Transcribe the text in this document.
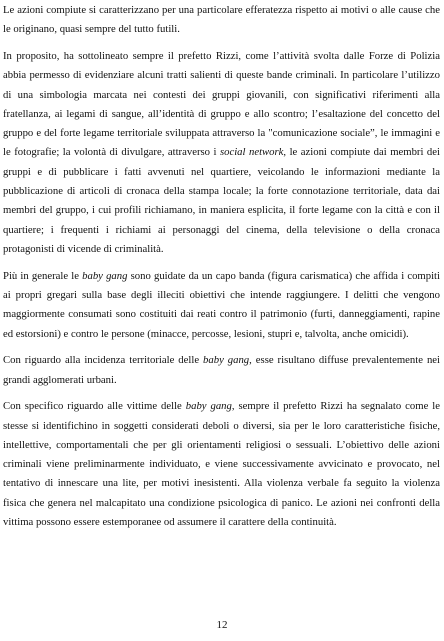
Le azioni compiute si caratterizzano per una particolare efferatezza rispetto ai motivi o alle cause che le originano, quasi sempre del tutto futili.

In proposito, ha sottolineato sempre il prefetto Rizzi, come l’attività svolta dalle Forze di Polizia abbia permesso di evidenziare alcuni tratti salienti di queste bande criminali. In particolare l’utilizzo di una simbologia marcata nei contesti dei gruppi giovanili, con significativi riferimenti alla fratellanza, ai legami di sangue, all’identità di gruppo e allo scontro; l’esaltazione del concetto del gruppo e del forte legame territoriale sviluppata attraverso la "comunicazione sociale”, le immagini e le fotografie; la volontà di divulgare, attraverso i social network, le azioni compiute dai membri dei gruppi e di pubblicare i fatti avvenuti nel quartiere, veicolando le informazioni mediante la pubblicazione di articoli di cronaca della stampa locale; la forte connotazione territoriale, data dai membri del gruppo, i cui profili richiamano, in maniera esplicita, il forte legame con la città e con il quartiere; i frequenti i richiami ai personaggi del cinema, della televisione o della cronaca protagonisti di vicende di criminalità.

Più in generale le baby gang sono guidate da un capo banda (figura carismatica) che affida i compiti ai propri gregari sulla base degli illeciti obiettivi che intende raggiungere. I delitti che vengono maggiormente consumati sono costituiti dai reati contro il patrimonio (furti, danneggiamenti, rapine ed estorsioni) e contro le persone (minacce, percosse, lesioni, stupri e, talvolta, anche omicidi).

Con riguardo alla incidenza territoriale delle baby gang, esse risultano diffuse prevalentemente nei grandi agglomerati urbani.

Con specifico riguardo alle vittime delle baby gang, sempre il prefetto Rizzi ha segnalato come le stesse si identifichino in soggetti considerati deboli o diversi, sia per le loro caratteristiche fisiche, intellettive, comportamentali che per gli orientamenti religiosi o sessuali. L’obiettivo delle azioni criminali viene preliminarmente individuato, e viene successivamente avvicinato e provocato, nel tentativo di innescare una lite, per motivi inesistenti. Alla violenza verbale fa seguito la violenza fisica che genera nel malcapitato una condizione psicologica di panico. Le azioni nei confronti della vittima possono essere estemporanee od assumere il carattere della continuità.

12
